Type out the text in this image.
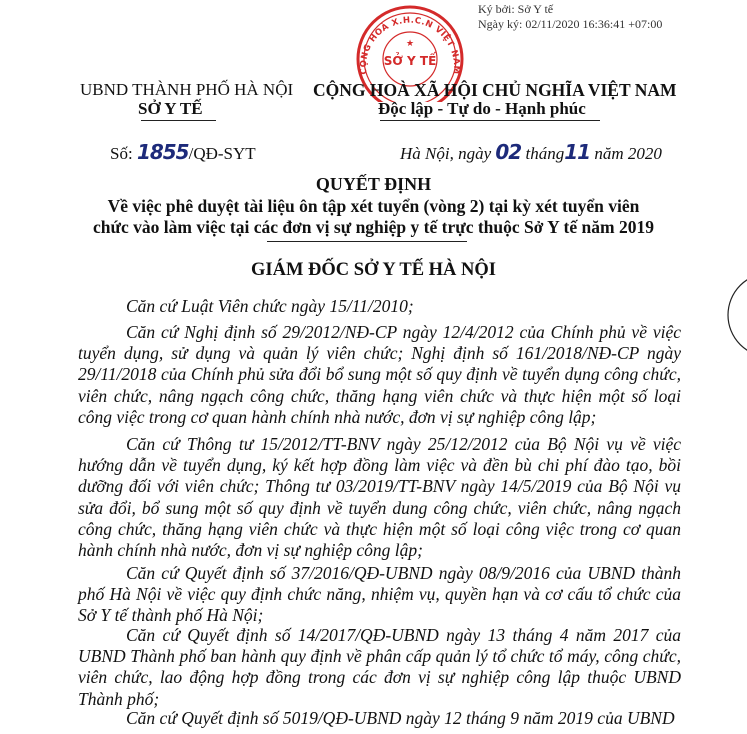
Ký bởi: Sở Y tế
Ngày ký: 02/11/2020 16:36:41 +07:00
CỘNG HOÀ X.H.C.N VIỆT NAM
SỞ Y TẾ
★
UBND THÀNH PHỐ HÀ NỘI
SỞ Y TẾ
CỘNG HOÀ XÃ HỘI CHỦ NGHĨA VIỆT NAM
Độc lập - Tự do - Hạnh phúc
Số: 1855/QĐ-SYT	Hà Nội, ngày 02 tháng11 năm 2020
QUYẾT ĐỊNH
Về việc phê duyệt tài liệu ôn tập xét tuyển (vòng 2) tại kỳ xét tuyển viên
chức vào làm việc tại các đơn vị sự nghiệp y tế trực thuộc Sở Y tế năm 2019
GIÁM ĐỐC SỞ Y TẾ HÀ NỘI
Căn cứ Luật Viên chức ngày 15/11/2010;
Căn cứ Nghị định số 29/2012/NĐ-CP ngày 12/4/2012 của Chính phủ về việc tuyển dụng, sử dụng và quản lý viên chức; Nghị định số 161/2018/NĐ-CP ngày 29/11/2018 của Chính phủ sửa đổi bổ sung một số quy định về tuyển dụng công chức, viên chức, nâng ngạch công chức, thăng hạng viên chức và thực hiện một số loại công việc trong cơ quan hành chính nhà nước, đơn vị sự nghiệp công lập;
Căn cứ Thông tư 15/2012/TT-BNV ngày 25/12/2012 của Bộ Nội vụ về việc hướng dẫn về tuyển dụng, ký kết hợp đồng làm việc và đền bù chi phí đào tạo, bồi dưỡng đối với viên chức; Thông tư 03/2019/TT-BNV ngày 14/5/2019 của Bộ Nội vụ sửa đổi, bổ sung một số quy định về tuyển dung công chức, viên chức, nâng ngạch công chức, thăng hạng viên chức và thực hiện một số loại công việc trong cơ quan hành chính nhà nước, đơn vị sự nghiệp công lập;
Căn cứ Quyết định số 37/2016/QĐ-UBND ngày 08/9/2016 của UBND thành phố Hà Nội về việc quy định chức năng, nhiệm vụ, quyền hạn và cơ cấu tổ chức của Sở Y tế thành phố Hà Nội;
Căn cứ Quyết định số 14/2017/QĐ-UBND ngày 13 tháng 4 năm 2017 của UBND Thành phố ban hành quy định về phân cấp quản lý tổ chức tổ máy, công chức, viên chức, lao động hợp đồng trong các đơn vị sự nghiệp công lập thuộc UBND Thành phố;
Căn cứ Quyết định số 5019/QĐ-UBND ngày 12 tháng 9 năm 2019 của UBND
